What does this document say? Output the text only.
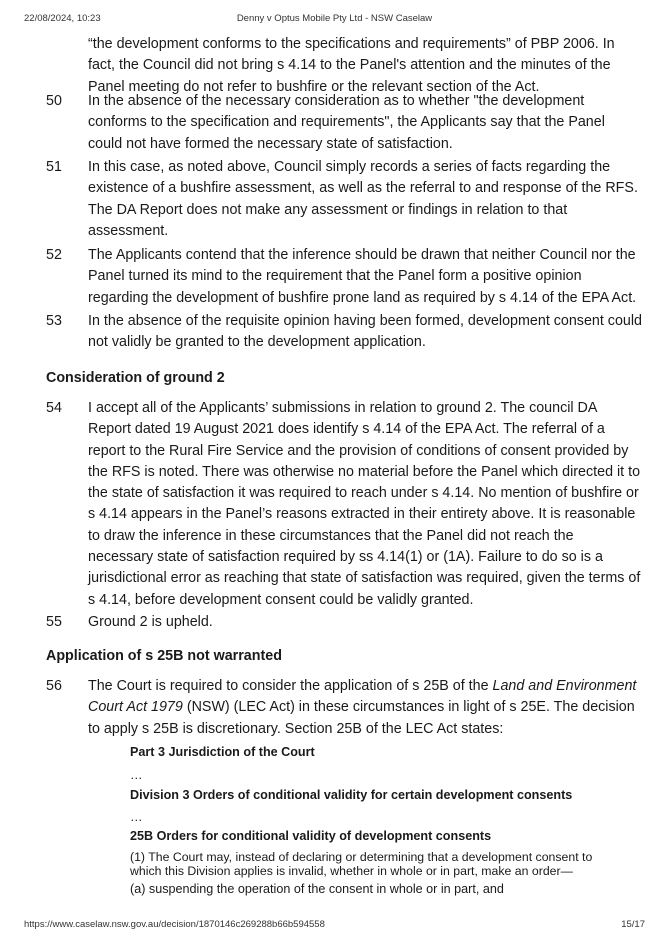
22/08/2024, 10:23	Denny v Optus Mobile Pty Ltd - NSW Caselaw
“the development conforms to the specifications and requirements” of PBP 2006. In
fact, the Council did not bring s 4.14 to the Panel's attention and the minutes of the
Panel meeting do not refer to bushfire or the relevant section of the Act.
50 In the absence of the necessary consideration as to whether "the development
conforms to the specification and requirements", the Applicants say that the Panel
could not have formed the necessary state of satisfaction.
51 In this case, as noted above, Council simply records a series of facts regarding the
existence of a bushfire assessment, as well as the referral to and response of the RFS.
The DA Report does not make any assessment or findings in relation to that
assessment.
52 The Applicants contend that the inference should be drawn that neither Council nor the
Panel turned its mind to the requirement that the Panel form a positive opinion
regarding the development of bushfire prone land as required by s 4.14 of the EPA Act.
53 In the absence of the requisite opinion having been formed, development consent could
not validly be granted to the development application.
Consideration of ground 2
54 I accept all of the Applicants’ submissions in relation to ground 2. The council DA
Report dated 19 August 2021 does identify s 4.14 of the EPA Act. The referral of a
report to the Rural Fire Service and the provision of conditions of consent provided by
the RFS is noted. There was otherwise no material before the Panel which directed it to
the state of satisfaction it was required to reach under s 4.14. No mention of bushfire or
s 4.14 appears in the Panel’s reasons extracted in their entirety above. It is reasonable
to draw the inference in these circumstances that the Panel did not reach the
necessary state of satisfaction required by ss 4.14(1) or (1A). Failure to do so is a
jurisdictional error as reaching that state of satisfaction was required, given the terms of
s 4.14, before development consent could be validly granted.
55 Ground 2 is upheld.
Application of s 25B not warranted
56 The Court is required to consider the application of s 25B of the Land and Environment
Court Act 1979 (NSW) (LEC Act) in these circumstances in light of s 25E. The decision
to apply s 25B is discretionary. Section 25B of the LEC Act states:
Part 3 Jurisdiction of the Court
…
Division 3 Orders of conditional validity for certain development consents
…
25B Orders for conditional validity of development consents
(1) The Court may, instead of declaring or determining that a development consent to
which this Division applies is invalid, whether in whole or in part, make an order—
(a) suspending the operation of the consent in whole or in part, and
https://www.caselaw.nsw.gov.au/decision/1870146c269288b66b594558	15/17
